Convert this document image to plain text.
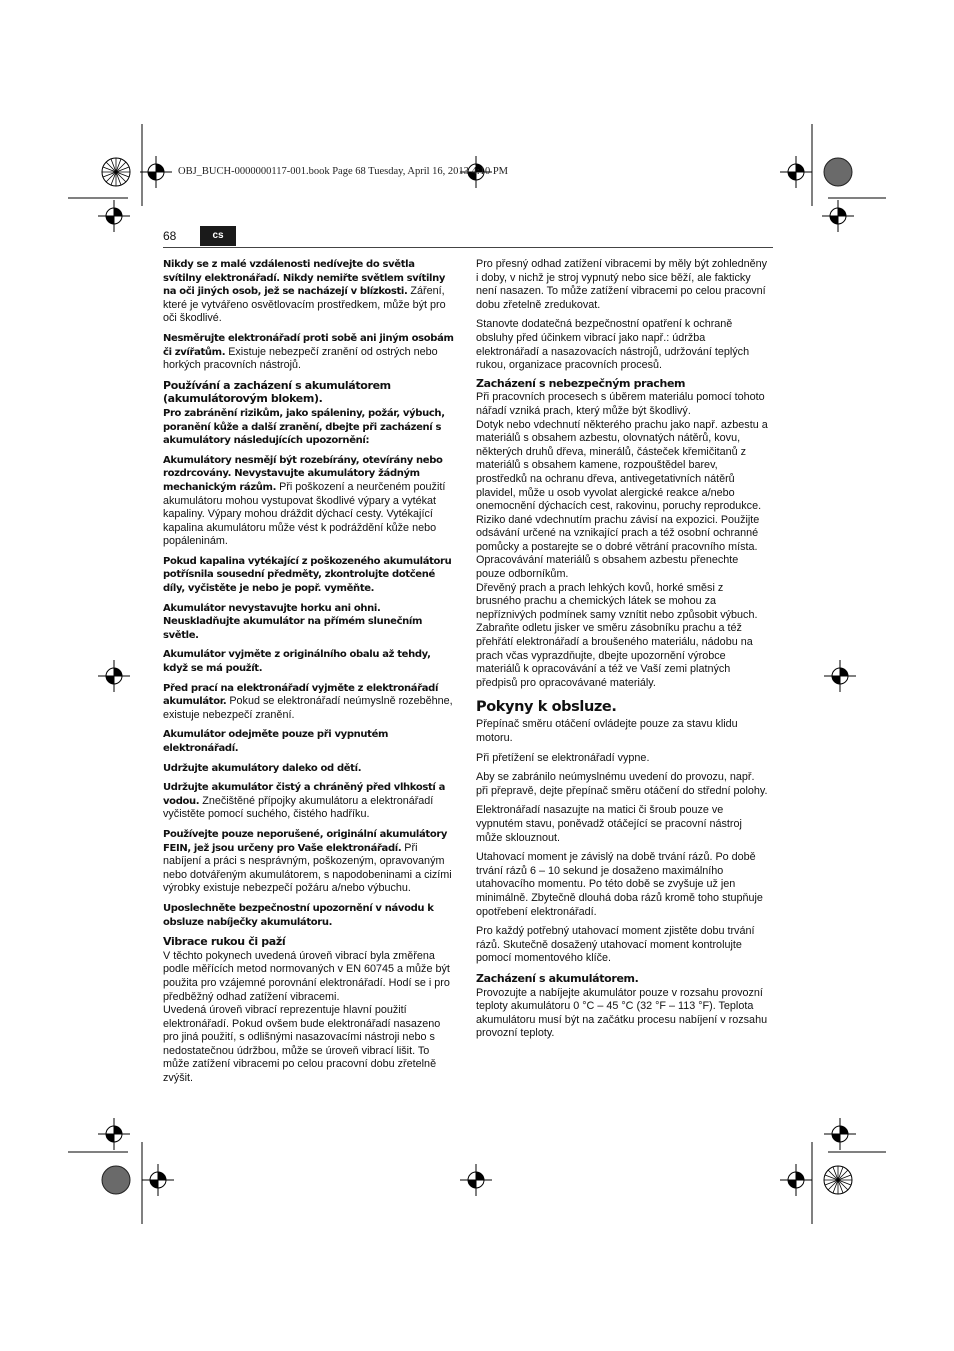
OBJ_BUCH-0000000117-001.book Page 68 Tuesday, April 16, 2013 4:10 PM
68	cs

Nikdy se z malé vzdálenosti nedívejte do světla svítilny elektronářadí. Nikdy nemiřte světlem svítilny na oči jiných osob, jež se nacházejí v blízkosti. Záření, které je vytvářeno osvětlovacím prostředkem, může být pro oči škodlivé.

Nesměrujte elektronářadí proti sobě ani jiným osobám či zvířatům. Existuje nebezpečí zranění od ostrých nebo horkých pracovních nástrojů.

Používání a zacházení s akumulátorem (akumulátorovým blokem).

Pro zabránění rizikům, jako spáleniny, požár, výbuch, poranění kůže a další zranění, dbejte při zacházení s akumulátory následujících upozornění:

Akumulátory nesmějí být rozebírány, otevírány nebo rozdrcovány. Nevystavujte akumulátory žádným mechanickým rázům. Při poškození a neurčeném použití akumulátoru mohou vystupovat škodlivé výpary a vytékat kapaliny. Výpary mohou dráždit dýchací cesty. Vytékající kapalina akumulátoru může vést k podráždění kůže nebo popáleninám.

Pokud kapalina vytékající z poškozeného akumulátoru potřísnila sousední předměty, zkontrolujte dotčené díly, vyčistěte je nebo je popř. vyměňte.

Akumulátor nevystavujte horku ani ohni. Neuskladňujte akumulátor na přímém slunečním světle.

Akumulátor vyjměte z originálního obalu až tehdy, když se má použít.

Před prací na elektronářadí vyjměte z elektronářadí akumulátor. Pokud se elektronářadí neúmyslně rozeběhne, existuje nebezpečí zranění.

Akumulátor odejměte pouze při vypnutém elektronářadí.

Udržujte akumulátory daleko od dětí.

Udržujte akumulátor čistý a chráněný před vlhkostí a vodou. Znečištěné přípojky akumulátoru a elektronářadí vyčistěte pomocí suchého, čistého hadříku.

Používejte pouze neporušené, originální akumulátory FEIN, jež jsou určeny pro Vaše elektronářadí. Při nabíjení a práci s nesprávným, poškozeným, opravovaným nebo dotvářeným akumulátorem, s napodobeninami a cizími výrobky existuje nebezpečí požáru a/nebo výbuchu.

Uposlechněte bezpečnostní upozornění v návodu k obsluze nabíječky akumulátoru.

Vibrace rukou či paží

V těchto pokynech uvedená úroveň vibrací byla změřena podle měřících metod normovaných v EN 60745 a může být použita pro vzájemné porovnání elektronářadí. Hodí se i pro předběžný odhad zatížení vibracemi.

Uvedená úroveň vibrací reprezentuje hlavní použití elektronářadí. Pokud ovšem bude elektronářadí nasazeno pro jiná použití, s odlišnými nasazovacími nástroji nebo s nedostatečnou údržbou, může se úroveň vibrací lišit. To může zatížení vibracemi po celou pracovní dobu zřetelně zvýšit.

Pro přesný odhad zatížení vibracemi by měly být zohledněny i doby, v nichž je stroj vypnutý nebo sice běží, ale fakticky není nasazen. To může zatížení vibracemi po celou pracovní dobu zřetelně zredukovat.

Stanovte dodatečná bezpečnostní opatření k ochraně obsluhy před účinkem vibrací jako např.: údržba elektronářadí a nasazovacích nástrojů, udržování teplých rukou, organizace pracovních procesů.

Zacházení s nebezpečným prachem

Při pracovních procesech s úběrem materiálu pomocí tohoto nářadí vzniká prach, který může být škodlivý.

Dotyk nebo vdechnutí některého prachu jako např. azbestu a materiálů s obsahem azbestu, olovnatých nátěrů, kovu, některých druhů dřeva, minerálů, částeček křemičitanů z materiálů s obsahem kamene, rozpouštědel barev, prostředků na ochranu dřeva, antivegetativních nátěrů plavidel, může u osob vyvolat alergické reakce a/nebo onemocnění dýchacích cest, rakovinu, poruchy reprodukce. Riziko dané vdechnutím prachu závisí na expozici. Použijte odsávání určené na vznikající prach a též osobní ochranné pomůcky a postarejte se o dobré větrání pracovního místa.

Opracovávání materiálů s obsahem azbestu přenechte pouze odborníkům.

Dřevěný prach a prach lehkých kovů, horké směsi z brusného prachu a chemických látek se mohou za nepříznivých podmínek samy vznítit nebo způsobit výbuch. Zabraňte odletu jisker ve směru zásobníku prachu a též přehřátí elektronářadí a broušeného materiálu, nádobu na prach včas vyprazdňujte, dbejte upozornění výrobce materiálů k opracovávání a též ve Vaší zemi platných předpisů pro opracovávané materiály.

Pokyny k obsluze.

Přepínač směru otáčení ovládejte pouze za stavu klidu motoru.

Při přetížení se elektronářadí vypne.

Aby se zabránilo neúmyslnému uvedení do provozu, např. při přepravě, dejte přepínač směru otáčení do střední polohy.

Elektronářadí nasazujte na matici či šroub pouze ve vypnutém stavu, poněvadž otáčející se pracovní nástroj může sklouznout.

Utahovací moment je závislý na době trvání rázů. Po době trvání rázů 6 – 10 sekund je dosaženo maximálního utahovacího momentu. Po této době se zvyšuje už jen minimálně. Zbytečně dlouhá doba rázů kromě toho stupňuje opotřebení elektronářadí.

Pro každý potřebný utahovací moment zjistěte dobu trvání rázů. Skutečně dosažený utahovací moment kontrolujte pomocí momentového klíče.

Zacházení s akumulátorem.

Provozujte a nabíjejte akumulátor pouze v rozsahu provozní teploty akumulátoru 0 °C – 45 °C (32 °F – 113 °F). Teplota akumulátoru musí být na začátku procesu nabíjení v rozsahu provozní teploty.
